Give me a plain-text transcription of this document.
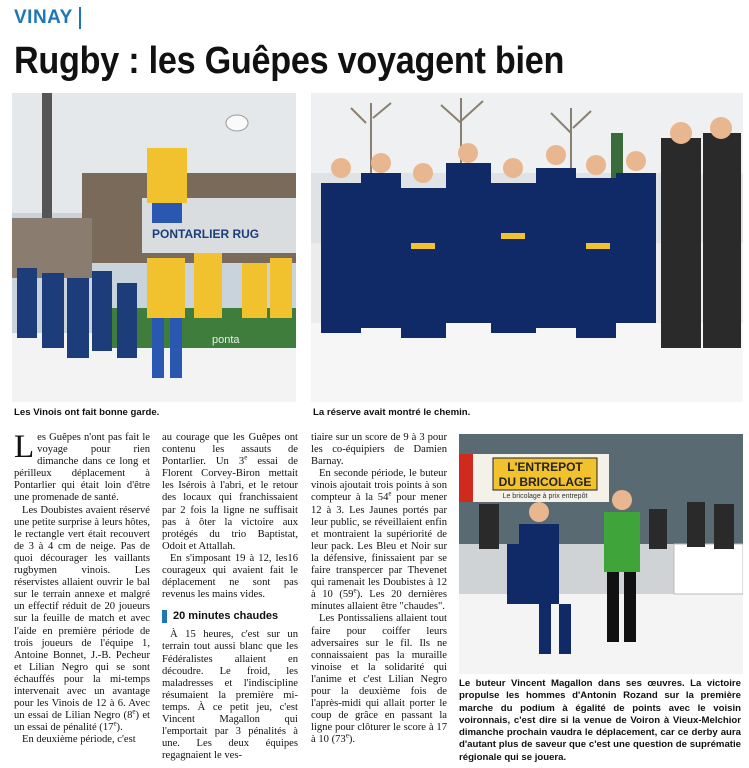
VINAY
Rugby : les Guêpes voyagent bien
PONTARLIER RUG
ponta
Les Vinois ont fait bonne garde.	La réserve avait montré le chemin.
L'ENTREPOT
DU BRICOLAGE
Le bricolage à prix entrepôt

Les Guêpes n'ont pas fait le voyage pour rien dimanche dans ce long et périlleux déplacement à Pontarlier qui était loin d'être une promenade de santé.

Les Doubistes avaient réservé une petite surprise à leurs hôtes, le rectangle vert était recouvert de 3 à 4 cm de neige. Pas de quoi décourager les vaillants rugbymen vinois. Les réservistes allaient ouvrir le bal sur le terrain annexe et malgré un effectif réduit de 20 joueurs sur la feuille de match et avec l'aide en première période de trois joueurs de l'équipe 1, Antoine Bonnet, J.-B. Pecheur et Lilian Negro qui se sont échauffés pour la mi-temps intervenait avec un avantage pour les Vinois de 12 à 6. Avec un essai de Lilian Negro (8e) et un essai de pénalité (17e).

En deuxième période, c'est

au courage que les Guêpes ont contenu les assauts de Pontarlier. Un 3e essai de Florent Corvey-Biron mettait les Isérois à l'abri, et le retour des locaux qui franchissaient par 2 fois la ligne ne suffisait pas à ôter la victoire aux protégés du trio Baptistat, Odoit et Attallah.

En s'imposant 19 à 12, les16 courageux qui avaient fait le déplacement ne sont pas revenus les mains vides.

20 minutes chaudes

À 15 heures, c'est sur un terrain tout aussi blanc que les Fédéralistes allaient en découdre. Le froid, les maladresses et l'indiscipline résumaient la première mi-temps. À ce petit jeu, c'est Vincent Magallon qui l'emportait par 3 pénalités à une. Les deux équipes regagnaient le ves-

tiaire sur un score de 9 à 3 pour les co-équipiers de Damien Barnay.

En seconde période, le buteur vinois ajoutait trois points à son compteur à la 54e pour mener 12 à 3. Les Jaunes portés par leur public, se réveillaient enfin et montraient la supériorité de leur pack. Les Bleu et Noir sur la défensive, finissaient par se faire transpercer par Thevenet qui ramenait les Doubistes à 12 à 10 (59e). Les 20 dernières minutes allaient être "chaudes".

Les Pontissaliens allaient tout faire pour coiffer leurs adversaires sur le fil. Ils ne connaissaient pas la muraille vinoise et la solidarité qui l'anime et c'est Lilian Negro pour la deuxième fois de l'après-midi qui allait porter le coup de grâce en passant la ligne pour clôturer le score à 17 à 10 (73e).

Le buteur Vincent Magallon dans ses œuvres. La victoire propulse les hommes d'Antonin Rozand sur la première marche du podium à égalité de points avec le voisin voironnais, c'est dire si la venue de Voiron à Vieux-Melchior dimanche prochain vaudra le déplacement, car ce derby aura d'autant plus de saveur que c'est une question de suprématie régionale qui se jouera.
